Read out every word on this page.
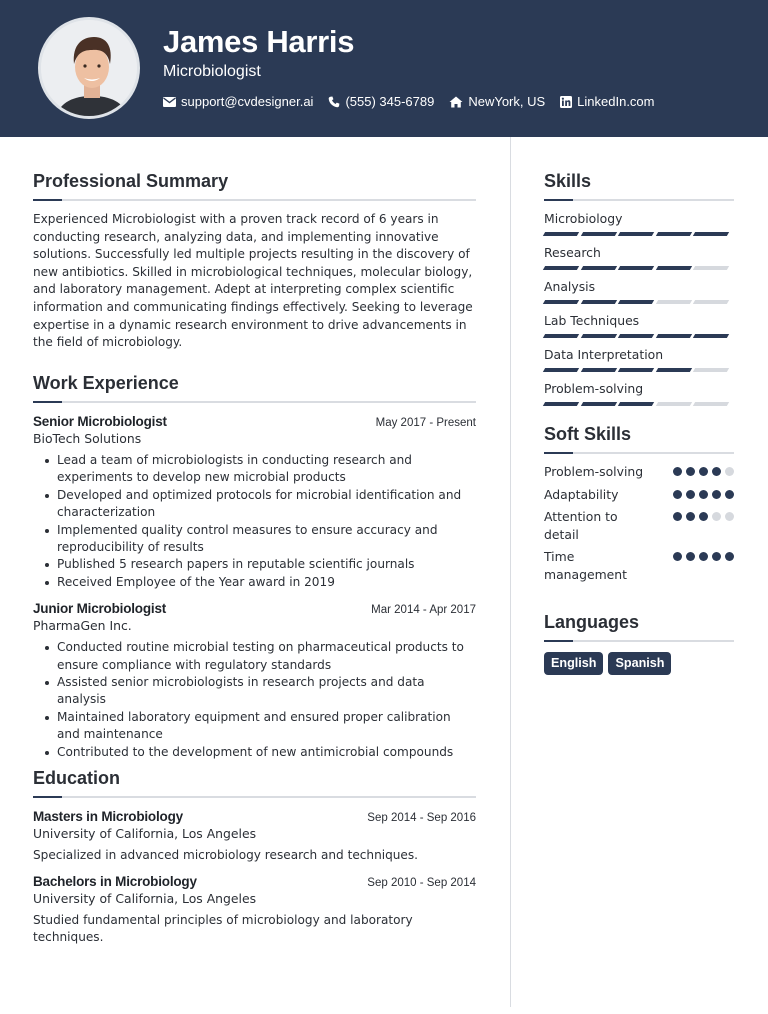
James Harris
Microbiologist
support@cvdesigner.ai (555) 345-6789	NewYork, US LinkedIn.com
Professional Summary
Experienced Microbiologist with a proven track record of 6 years in conducting research, analyzing data, and implementing innovative solutions. Successfully led multiple projects resulting in the discovery of new antibiotics. Skilled in microbiological techniques, molecular biology, and laboratory management. Adept at interpreting complex scientific information and communicating findings effectively. Seeking to leverage expertise in a dynamic research environment to drive advancements in the field of microbiology.
Work Experience
Senior Microbiologist	May 2017 - Present
BioTech Solutions
Lead a team of microbiologists in conducting research and experiments to develop new microbial products
Developed and optimized protocols for microbial identification and characterization
Implemented quality control measures to ensure accuracy and reproducibility of results
Published 5 research papers in reputable scientific journals
Received Employee of the Year award in 2019
Junior Microbiologist	Mar 2014 - Apr 2017
PharmaGen Inc.
Conducted routine microbial testing on pharmaceutical products to ensure compliance with regulatory standards
Assisted senior microbiologists in research projects and data analysis
Maintained laboratory equipment and ensured proper calibration and maintenance
Contributed to the development of new antimicrobial compounds
Education
Masters in Microbiology	Sep 2014 - Sep 2016
University of California, Los Angeles
Specialized in advanced microbiology research and techniques.
Bachelors in Microbiology	Sep 2010 - Sep 2014
University of California, Los Angeles
Studied fundamental principles of microbiology and laboratory techniques.
Skills
Microbiology
Research
Analysis
Lab Techniques
Data Interpretation
Problem-solving
Soft Skills
Problem-solving
Adaptability
Attention to detail
Time management
Languages
English	Spanish
